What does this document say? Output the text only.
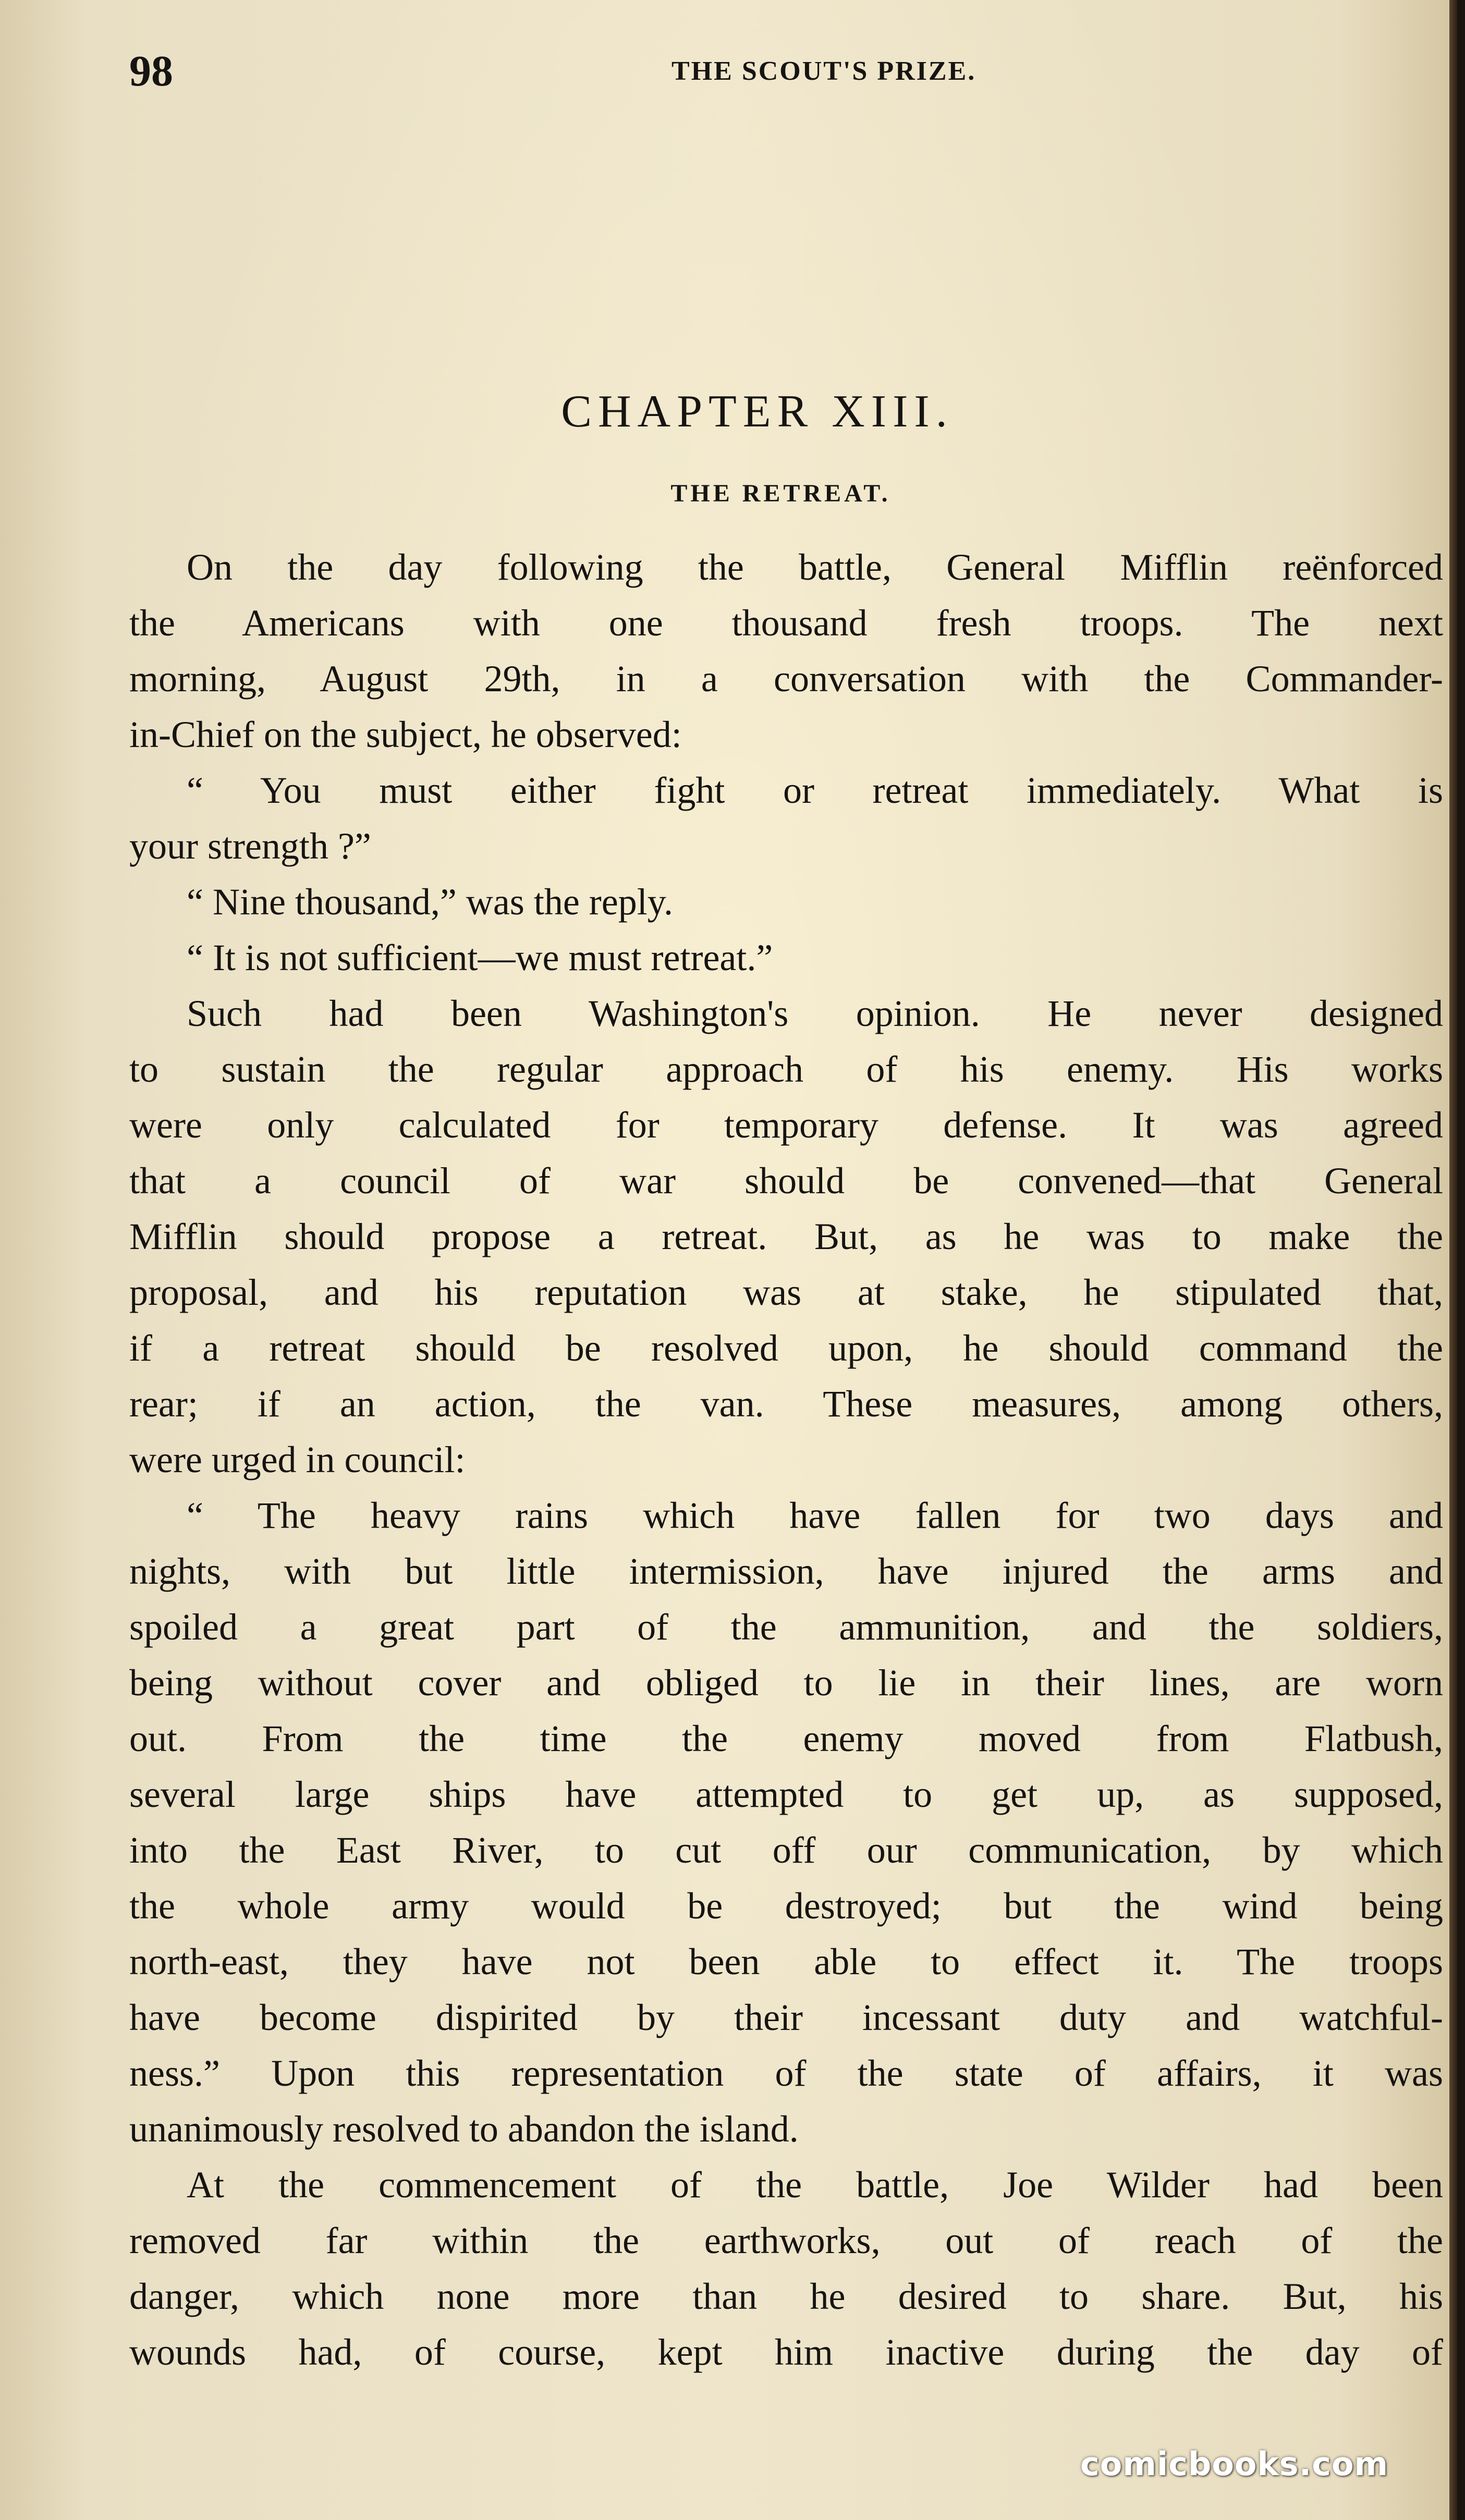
98	THE SCOUT'S PRIZE.
CHAPTER XIII.
THE RETREAT.
On the day following the battle, General Mifflin reënforced
the Americans with one thousand fresh troops. The next
morning, August 29th, in a conversation with the Commander-
in-Chief on the subject, he observed:
“ You must either fight or retreat immediately. What is
your strength ?”
“ Nine thousand,” was the reply.
“ It is not sufficient—we must retreat.”
Such had been Washington's opinion. He never designed
to sustain the regular approach of his enemy. His works
were only calculated for temporary defense. It was agreed
that a council of war should be convened—that General
Mifflin should propose a retreat. But, as he was to make the
proposal, and his reputation was at stake, he stipulated that,
if a retreat should be resolved upon, he should command the
rear; if an action, the van. These measures, among others,
were urged in council:
“ The heavy rains which have fallen for two days and
nights, with but little intermission, have injured the arms and
spoiled a great part of the ammunition, and the soldiers,
being without cover and obliged to lie in their lines, are worn
out. From the time the enemy moved from Flatbush,
several large ships have attempted to get up, as supposed,
into the East River, to cut off our communication, by which
the whole army would be destroyed; but the wind being
north-east, they have not been able to effect it. The troops
have become dispirited by their incessant duty and watchful-
ness.” Upon this representation of the state of affairs, it was
unanimously resolved to abandon the island.
At the commencement of the battle, Joe Wilder had been
removed far within the earthworks, out of reach of the
danger, which none more than he desired to share. But, his
wounds had, of course, kept him inactive during the day of
comicbooks.com
